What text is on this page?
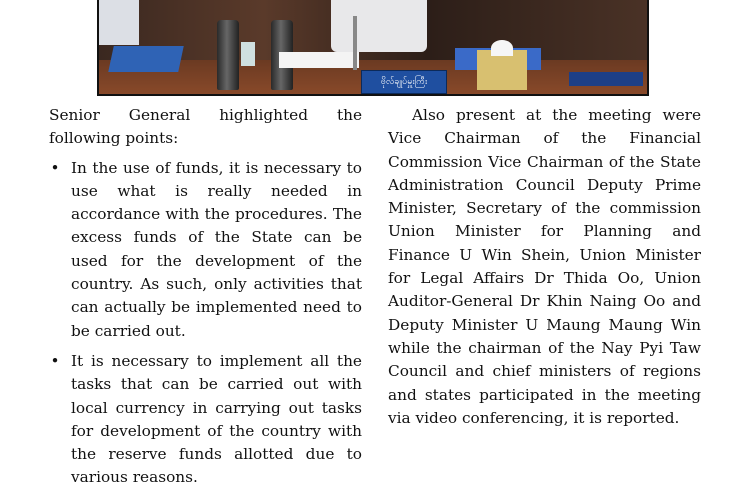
ဗိုလ်ချုပ်မှူးကြီး

Senior General highlighted the following points:

• In the use of funds, it is necessary to use what is really needed in accordance with the procedures. The excess funds of the State can be used for the development of the country. As such, only activities that can actually be implemented need to be carried out.
• It is necessary to implement all the tasks that can be carried out with local currency in carrying out tasks for development of the country with the reserve funds allotted due to various reasons.

Also present at the meeting were Vice Chairman of the Financial Commission Vice Chairman of the State Administration Council Deputy Prime Minister, Secretary of the commission Union Minister for Planning and Finance U Win Shein, Union Minister for Legal Affairs Dr Thida Oo, Union Auditor-General Dr Khin Naing Oo and Deputy Minister U Maung Maung Win while the chairman of the Nay Pyi Taw Council and chief ministers of regions and states participated in the meeting via video conferencing, it is reported.
